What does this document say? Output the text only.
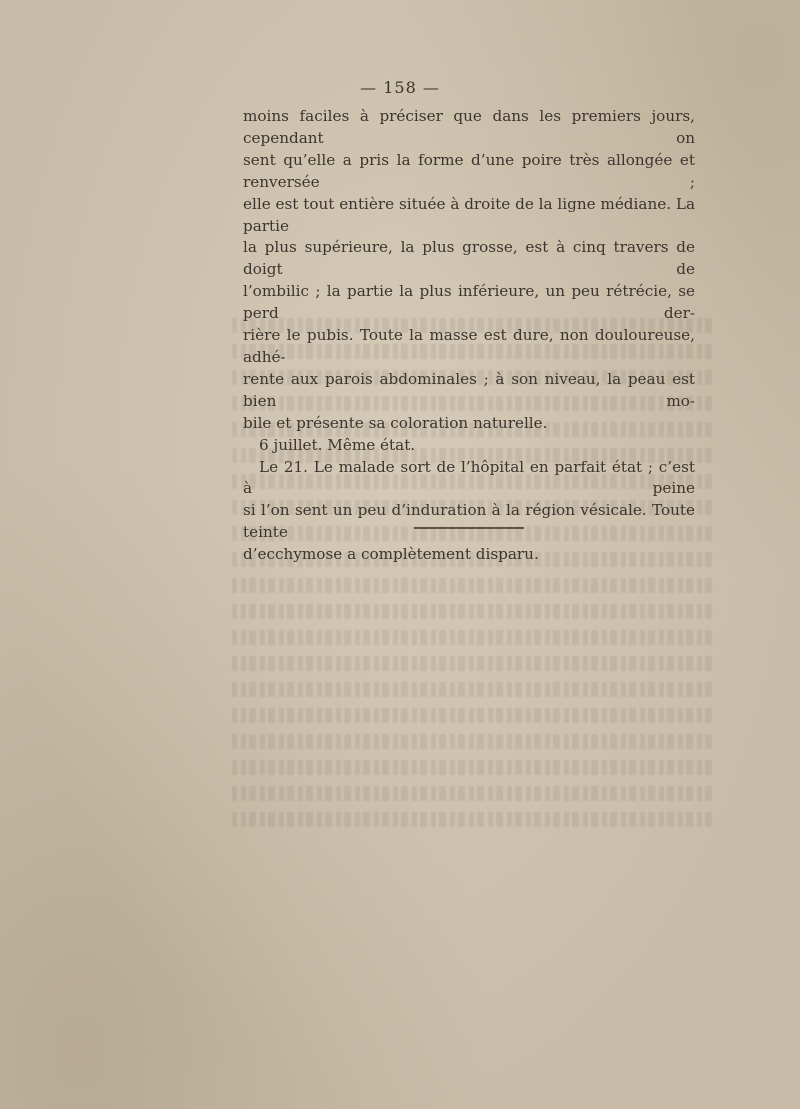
— 158 —

moins faciles à préciser que dans les premiers jours, cependant on

sent qu’elle a pris la forme d’une poire très allongée et renversée ;

elle est tout entière située à droite de la ligne médiane. La partie

la plus supérieure, la plus grosse, est à cinq travers de doigt de

l’ombilic ; la partie la plus inférieure, un peu rétrécie, se perd der-

rière le pubis. Toute la masse est dure, non douloureuse, adhé-

rente aux parois abdominales ; à son niveau, la peau est bien mo-

bile et présente sa coloration naturelle.

6 juillet. Même état.

Le 21. Le malade sort de l’hôpital en parfait état ; c’est à peine

si l’on sent un peu d’induration à la région vésicale. Toute teinte

d’ecchymose a complètement disparu.
